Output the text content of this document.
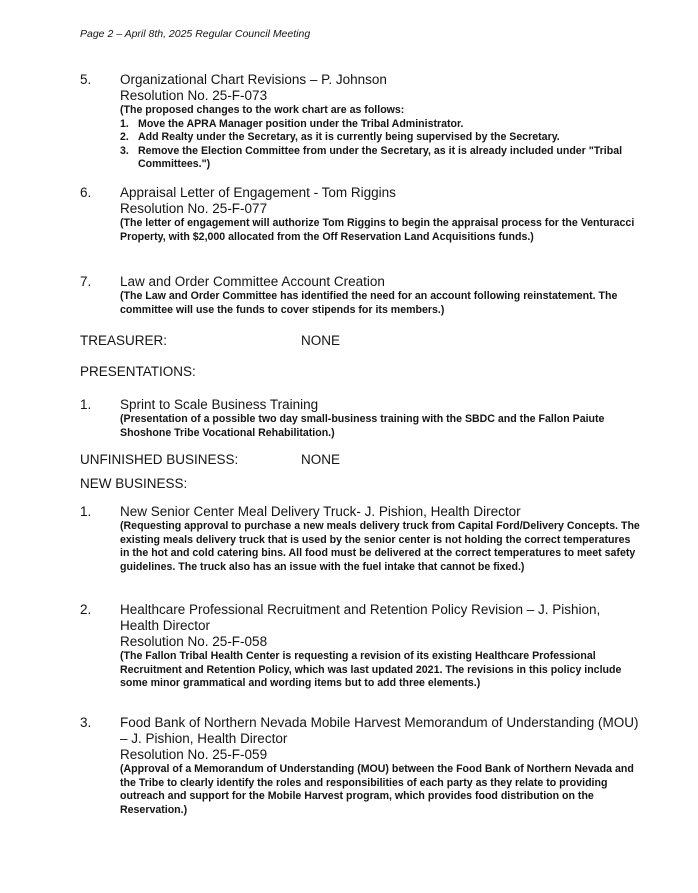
Page 2 – April 8th, 2025 Regular Council Meeting
5. Organizational Chart Revisions – P. Johnson
Resolution No. 25-F-073
(The proposed changes to the work chart are as follows:
1. Move the APRA Manager position under the Tribal Administrator.
2. Add Realty under the Secretary, as it is currently being supervised by the Secretary.
3. Remove the Election Committee from under the Secretary, as it is already included under "Tribal Committees.")
6. Appraisal Letter of Engagement - Tom Riggins
Resolution No. 25-F-077
(The letter of engagement will authorize Tom Riggins to begin the appraisal process for the Venturacci Property, with $2,000 allocated from the Off Reservation Land Acquisitions funds.)
7. Law and Order Committee Account Creation
(The Law and Order Committee has identified the need for an account following reinstatement. The committee will use the funds to cover stipends for its members.)
TREASURER:	NONE
PRESENTATIONS:
1. Sprint to Scale Business Training
(Presentation of a possible two day small-business training with the SBDC and the Fallon Paiute Shoshone Tribe Vocational Rehabilitation.)
UNFINISHED BUSINESS:	NONE
NEW BUSINESS:
1. New Senior Center Meal Delivery Truck- J. Pishion, Health Director
(Requesting approval to purchase a new meals delivery truck from Capital Ford/Delivery Concepts. The existing meals delivery truck that is used by the senior center is not holding the correct temperatures in the hot and cold catering bins. All food must be delivered at the correct temperatures to meet safety guidelines. The truck also has an issue with the fuel intake that cannot be fixed.)
2. Healthcare Professional Recruitment and Retention Policy Revision – J. Pishion, Health Director
Resolution No. 25-F-058
(The Fallon Tribal Health Center is requesting a revision of its existing Healthcare Professional Recruitment and Retention Policy, which was last updated 2021. The revisions in this policy include some minor grammatical and wording items but to add three elements.)
3. Food Bank of Northern Nevada Mobile Harvest Memorandum of Understanding (MOU) – J. Pishion, Health Director
Resolution No. 25-F-059
(Approval of a Memorandum of Understanding (MOU) between the Food Bank of Northern Nevada and the Tribe to clearly identify the roles and responsibilities of each party as they relate to providing outreach and support for the Mobile Harvest program, which provides food distribution on the Reservation.)
